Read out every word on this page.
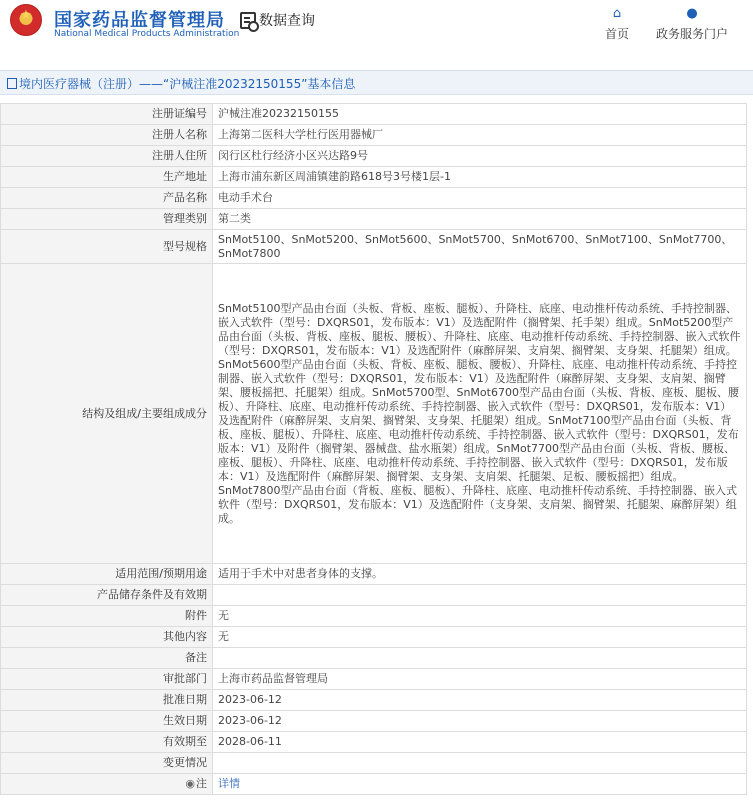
★	国家药品监督管理局
National Medical Products Administration
数据查询	⌂
首页
●
政务服务门户
境内医疗器械（注册）——“沪械注准20232150155”基本信息
注册证编号	沪械注准20232150155
注册人名称	上海第二医科大学杜行医用器械厂
注册人住所	闵行区杜行经济小区兴达路9号
生产地址	上海市浦东新区周浦镇建韵路618号3号楼1层-1
产品名称	电动手术台
管理类别	第二类
型号规格	SnMot5100、SnMot5200、SnMot5600、SnMot5700、SnMot6700、SnMot7100、SnMot7700、SnMot7800
结构及组成/主要组成成分	SnMot5100型产品由台面（头板、背板、座板、腿板）、升降柱、底座、电动推杆传动系统、手持控制器、嵌入式软件（型号：DXQRS01，发布版本：V1）及选配附件（搁臂架、托手架）组成。SnMot5200型产品由台面（头板、背板、座板、腿板、腰板）、升降柱、底座、电动推杆传动系统、手持控制器、嵌入式软件（型号：DXQRS01，发布版本：V1）及选配附件（麻醉屏架、支肩架、搁臂架、支身架、托腿架）组成。SnMot5600型产品由台面（头板、背板、座板、腿板、腰板）、升降柱、底座、电动推杆传动系统、手持控制器、嵌入式软件（型号：DXQRS01，发布版本：V1）及选配附件（麻醉屏架、支身架、支肩架、搁臂架、腰板摇把、托腿架）组成。SnMot5700型、SnMot6700型产品由台面（头板、背板、座板、腿板、腰板）、升降柱、底座、电动推杆传动系统、手持控制器、嵌入式软件（型号：DXQRS01，发布版本：V1）及选配附件（麻醉屏架、支肩架、搁臂架、支身架、托腿架）组成。SnMot7100型产品由台面（头板、背板、座板、腿板）、升降柱、底座、电动推杆传动系统、手持控制器、嵌入式软件（型号：DXQRS01，发布版本：V1）及附件（搁臂架、器械盘、盐水瓶架）组成。SnMot7700型产品由台面（头板、背板、腰板、座板、腿板）、升降柱、底座、电动推杆传动系统、手持控制器、嵌入式软件（型号：DXQRS01，发布版本：V1）及选配附件（麻醉屏架、搁臂架、支身架、支肩架、托腿架、足板、腰板摇把）组成。SnMot7800型产品由台面（背板、座板、腿板）、升降柱、底座、电动推杆传动系统、手持控制器、嵌入式软件（型号：DXQRS01，发布版本：V1）及选配附件（支身架、支肩架、搁臂架、托腿架、麻醉屏架）组成。
适用范围/预期用途	适用于手术中对患者身体的支撑。
产品储存条件及有效期	
附件	无
其他内容	无
备注	
审批部门	上海市药品监督管理局
批准日期	2023-06-12
生效日期	2023-06-12
有效期至	2028-06-11
变更情况	
◉注	详情
